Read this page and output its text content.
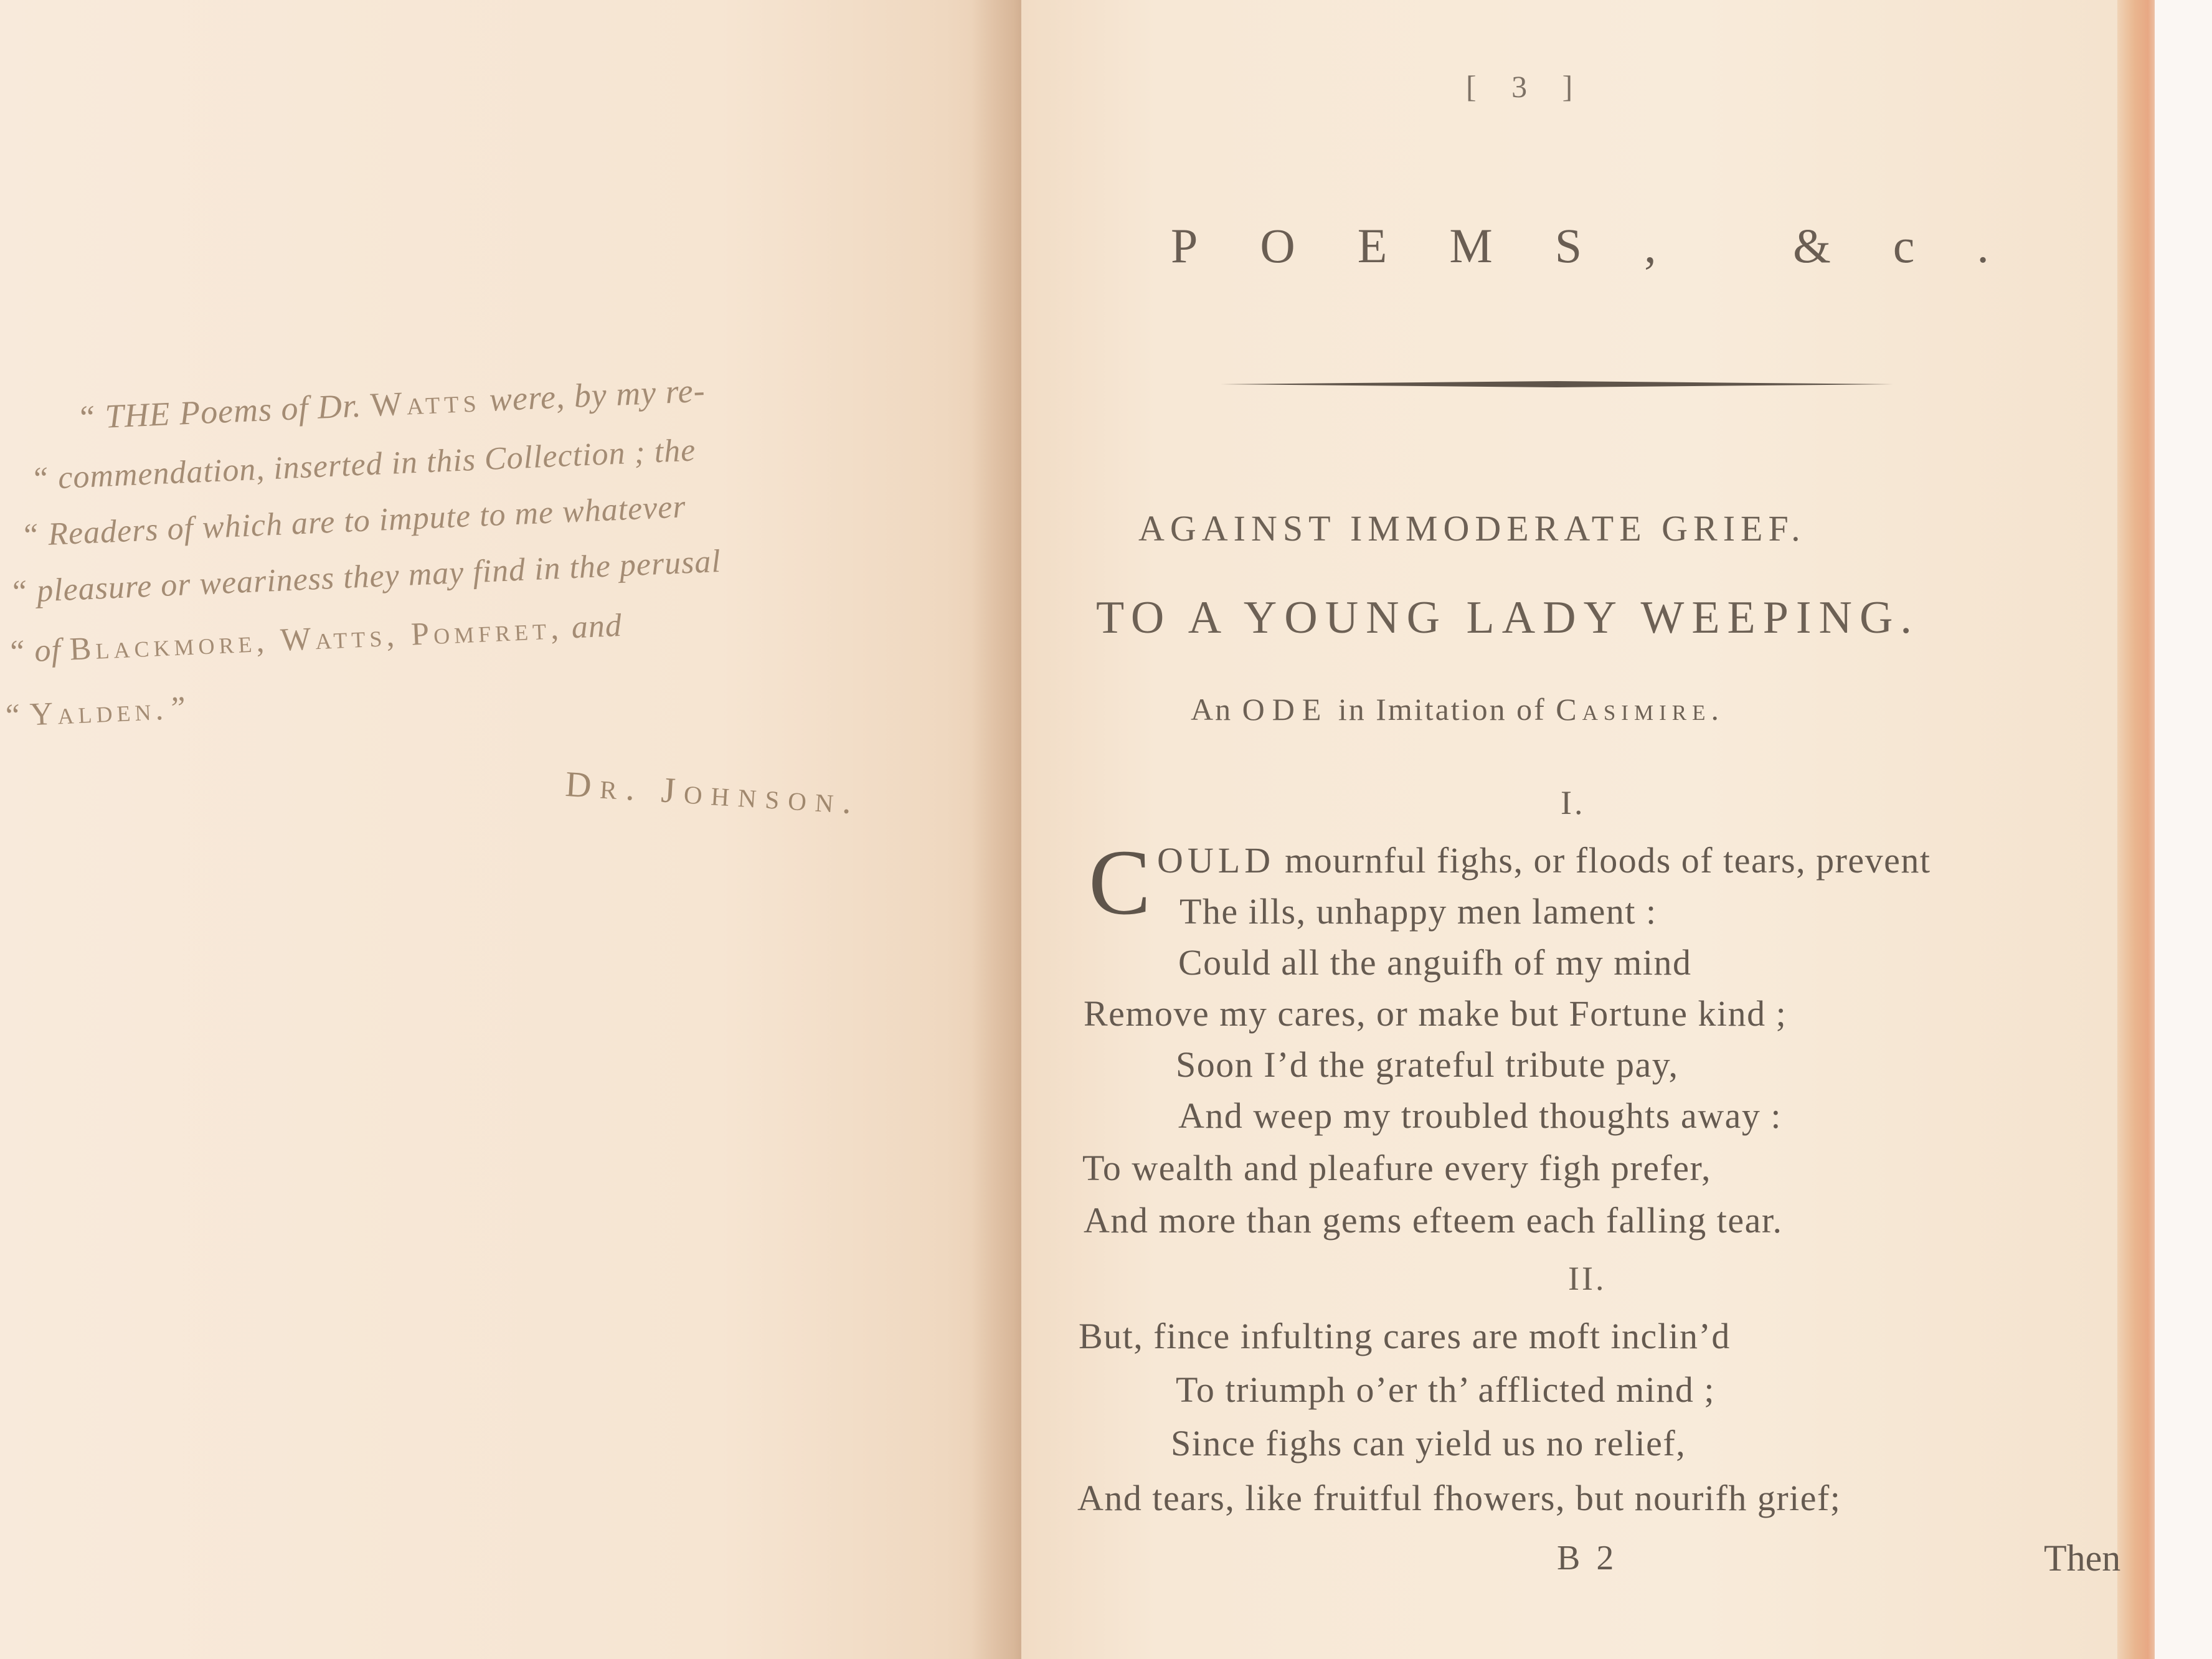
“ THE Poems of Dr. Watts were, by my re-
“ commendation, inserted in this Collection ; the
“ Readers of which are to impute to me whatever
“ pleasure or weariness they may find in the perusal
“ of Blackmore, Watts, Pomfret, and
“ Yalden.”
Dr. Johnson.
[ 3 ]
POEMS, &c.
AGAINST IMMODERATE GRIEF.
TO A YOUNG LADY WEEPING.
An ODE in Imitation of Casimire.
I.
C OULD mournful fighs, or floods of tears, prevent
The ills, unhappy men lament :
Could all the anguifh of my mind
Remove my cares, or make but Fortune kind ;
Soon I’d the grateful tribute pay,
And weep my troubled thoughts away :
To wealth and pleafure every figh prefer,
And more than gems efteem each falling tear.
II.
But, fince infulting cares are moft inclin’d
To triumph o’er th’ afflicted mind ;
Since fighs can yield us no relief,
And tears, like fruitful fhowers, but nourifh grief;
B 2	Then
